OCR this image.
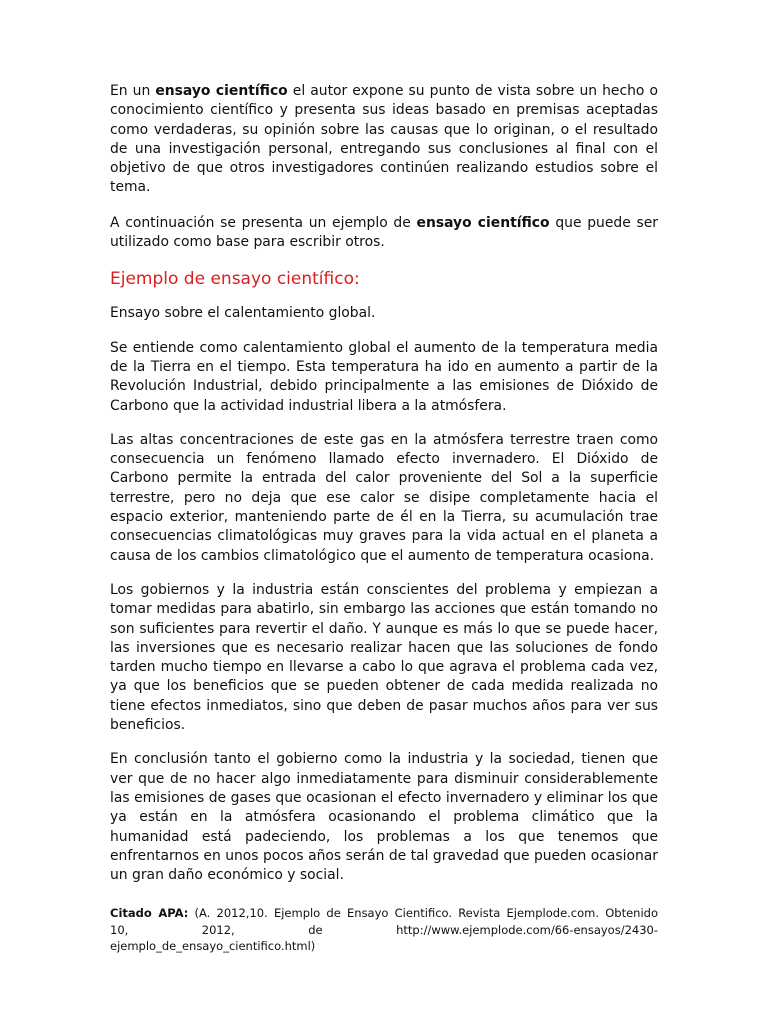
En un ensayo científico el autor expone su punto de vista sobre un hecho o conocimiento científico y presenta sus ideas basado en premisas aceptadas como verdaderas, su opinión sobre las causas que lo originan, o el resultado de una investigación personal, entregando sus conclusiones al final con el objetivo de que otros investigadores continúen realizando estudios sobre el tema.

A continuación se presenta un ejemplo de ensayo científico que puede ser utilizado como base para escribir otros.

Ejemplo de ensayo científico:

Ensayo sobre el calentamiento global.

Se entiende como calentamiento global el aumento de la temperatura media de la Tierra en el tiempo. Esta temperatura ha ido en aumento a partir de la Revolución Industrial, debido principalmente a las emisiones de Dióxido de Carbono que la actividad industrial libera a la atmósfera.

Las altas concentraciones de este gas en la atmósfera terrestre traen como consecuencia un fenómeno llamado efecto invernadero. El Dióxido de Carbono permite la entrada del calor proveniente del Sol a la superficie terrestre, pero no deja que ese calor se disipe completamente hacia el espacio exterior, manteniendo parte de él en la Tierra, su acumulación trae consecuencias climatológicas muy graves para la vida actual en el planeta a causa de los cambios climatológico que el aumento de temperatura ocasiona.

Los gobiernos y la industria están conscientes del problema y empiezan a tomar medidas para abatirlo, sin embargo las acciones que están tomando no son suficientes para revertir el daño. Y aunque es más lo que se puede hacer, las inversiones que es necesario realizar hacen que las soluciones de fondo tarden mucho tiempo en llevarse a cabo lo que agrava el problema cada vez, ya que los beneficios que se pueden obtener de cada medida realizada no tiene efectos inmediatos, sino que deben de pasar muchos años para ver sus beneficios.

En conclusión tanto el gobierno como la industria y la sociedad, tienen que ver que de no hacer algo inmediatamente para disminuir considerablemente las emisiones de gases que ocasionan el efecto invernadero y eliminar los que ya están en la atmósfera ocasionando el problema climático que la humanidad está padeciendo, los problemas a los que tenemos que enfrentarnos en unos pocos años serán de tal gravedad que pueden ocasionar un gran daño económico y social.

Citado APA: (A. 2012,10. Ejemplo de Ensayo Cientifico. Revista Ejemplode.com. Obtenido
10, 2012, de http://www.ejemplode.com/66-ensayos/2430-
ejemplo_de_ensayo_cientifico.html)
